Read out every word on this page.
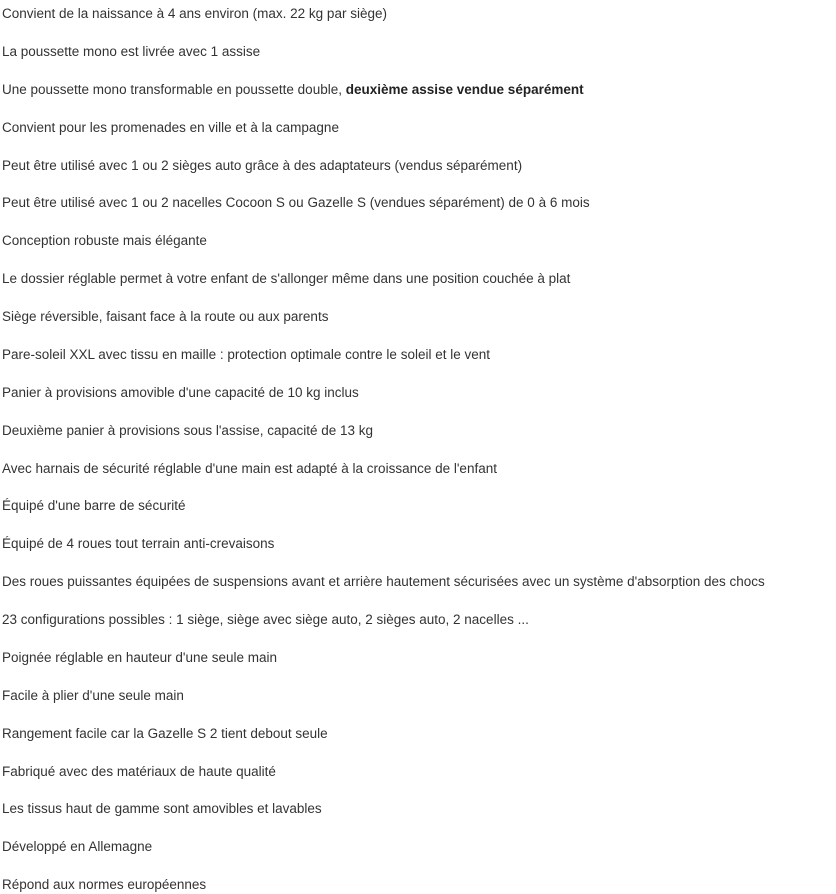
Convient de la naissance à 4 ans environ (max. 22 kg par siège)
La poussette mono est livrée avec 1 assise
Une poussette mono transformable en poussette double, deuxième assise vendue séparément
Convient pour les promenades en ville et à la campagne
Peut être utilisé avec 1 ou 2 sièges auto grâce à des adaptateurs (vendus séparément)
Peut être utilisé avec 1 ou 2 nacelles Cocoon S ou Gazelle S (vendues séparément) de 0 à 6 mois
Conception robuste mais élégante
Le dossier réglable permet à votre enfant de s'allonger même dans une position couchée à plat
Siège réversible, faisant face à la route ou aux parents
Pare-soleil XXL avec tissu en maille : protection optimale contre le soleil et le vent
Panier à provisions amovible d'une capacité de 10 kg inclus
Deuxième panier à provisions sous l'assise, capacité de 13 kg
Avec harnais de sécurité réglable d'une main est adapté à la croissance de l'enfant
Équipé d'une barre de sécurité
Équipé de 4 roues tout terrain anti-crevaisons
Des roues puissantes équipées de suspensions avant et arrière hautement sécurisées avec un système d'absorption des chocs
23 configurations possibles : 1 siège, siège avec siège auto, 2 sièges auto, 2 nacelles ...
Poignée réglable en hauteur d'une seule main
Facile à plier d'une seule main
Rangement facile car la Gazelle S 2 tient debout seule
Fabriqué avec des matériaux de haute qualité
Les tissus haut de gamme sont amovibles et lavables
Développé en Allemagne
Répond aux normes européennes
